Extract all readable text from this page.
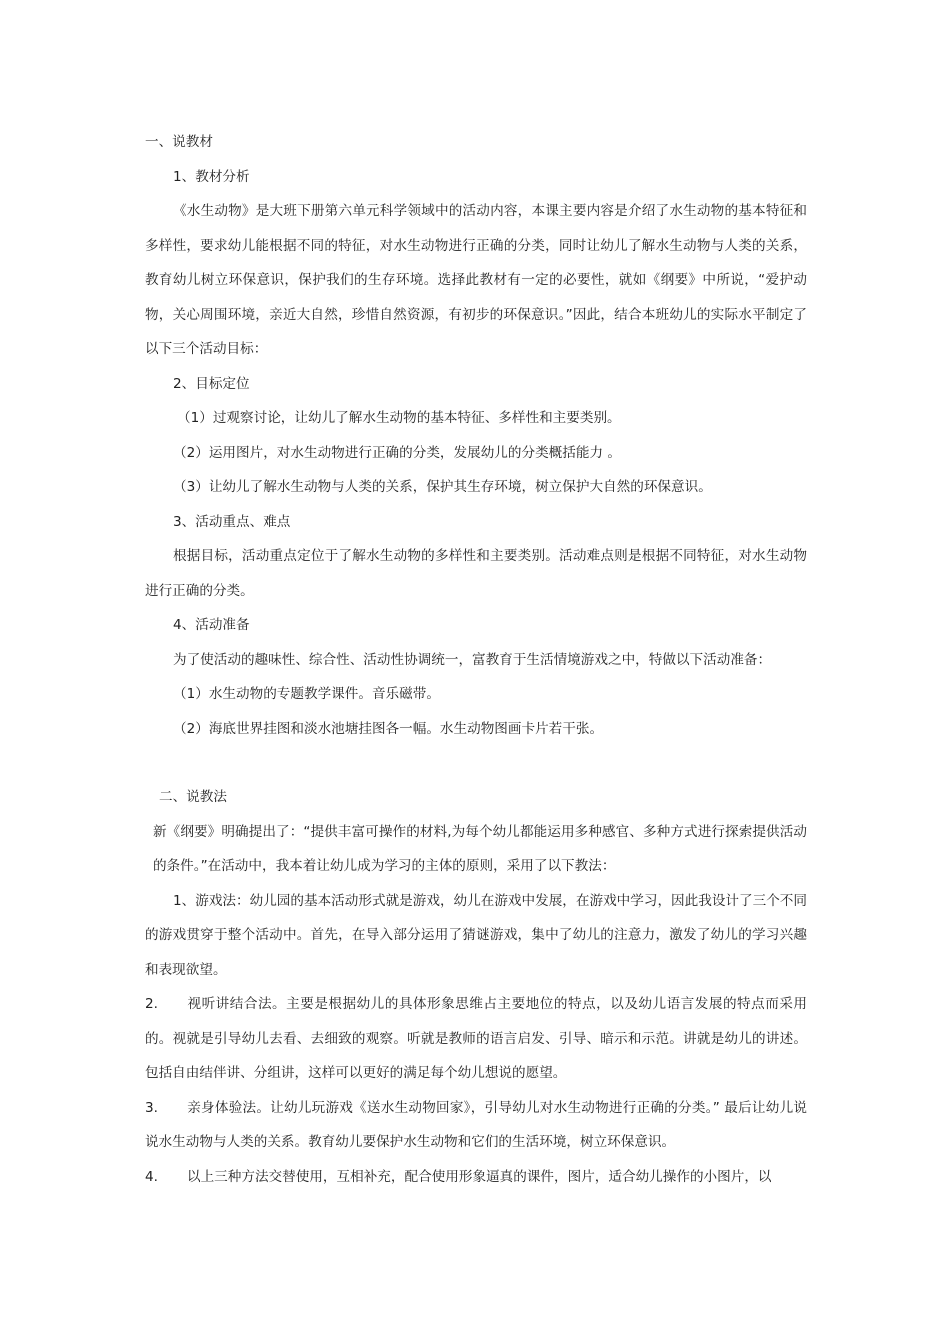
一、说教材

1、教材分析

《水生动物》是大班下册第六单元科学领域中的活动内容，本课主要内容是介绍了水生动物的基本特征和多样性，要求幼儿能根据不同的特征，对水生动物进行正确的分类，同时让幼儿了解水生动物与人类的关系，教育幼儿树立环保意识，保护我们的生存环境。选择此教材有一定的必要性，就如《纲要》中所说，“爱护动物，关心周围环境，亲近大自然，珍惜自然资源，有初步的环保意识。”因此，结合本班幼儿的实际水平制定了以下三个活动目标：

2、目标定位

（1）过观察讨论，让幼儿了解水生动物的基本特征、多样性和主要类别。

（2）运用图片，对水生动物进行正确的分类，发展幼儿的分类概括能力 。

（3）让幼儿了解水生动物与人类的关系，保护其生存环境，树立保护大自然的环保意识。

3、活动重点、难点

根据目标，活动重点定位于了解水生动物的多样性和主要类别。活动难点则是根据不同特征，对水生动物进行正确的分类。

4、活动准备

为了使活动的趣味性、综合性、活动性协调统一，富教育于生活情境游戏之中，特做以下活动准备：

（1）水生动物的专题教学课件。音乐磁带。

（2）海底世界挂图和淡水池塘挂图各一幅。水生动物图画卡片若干张。

二、说教法

新《纲要》明确提出了：“提供丰富可操作的材料,为每个幼儿都能运用多种感官、多种方式进行探索提供活动的条件。”在活动中，我本着让幼儿成为学习的主体的原则，采用了以下教法：

1、游戏法：幼儿园的基本活动形式就是游戏，幼儿在游戏中发展，在游戏中学习，因此我设计了三个不同的游戏贯穿于整个活动中。首先，在导入部分运用了猜谜游戏，集中了幼儿的注意力，激发了幼儿的学习兴趣和表现欲望。

2. 视听讲结合法。主要是根据幼儿的具体形象思维占主要地位的特点，以及幼儿语言发展的特点而采用的。视就是引导幼儿去看、去细致的观察。听就是教师的语言启发、引导、暗示和示范。讲就是幼儿的讲述。包括自由结伴讲、分组讲，这样可以更好的满足每个幼儿想说的愿望。

3. 亲身体验法。让幼儿玩游戏《送水生动物回家》，引导幼儿对水生动物进行正确的分类。” 最后让幼儿说说水生动物与人类的关系。教育幼儿要保护水生动物和它们的生活环境，树立环保意识。

4. 以上三种方法交替使用，互相补充，配合使用形象逼真的课件，图片，适合幼儿操作的小图片，以
